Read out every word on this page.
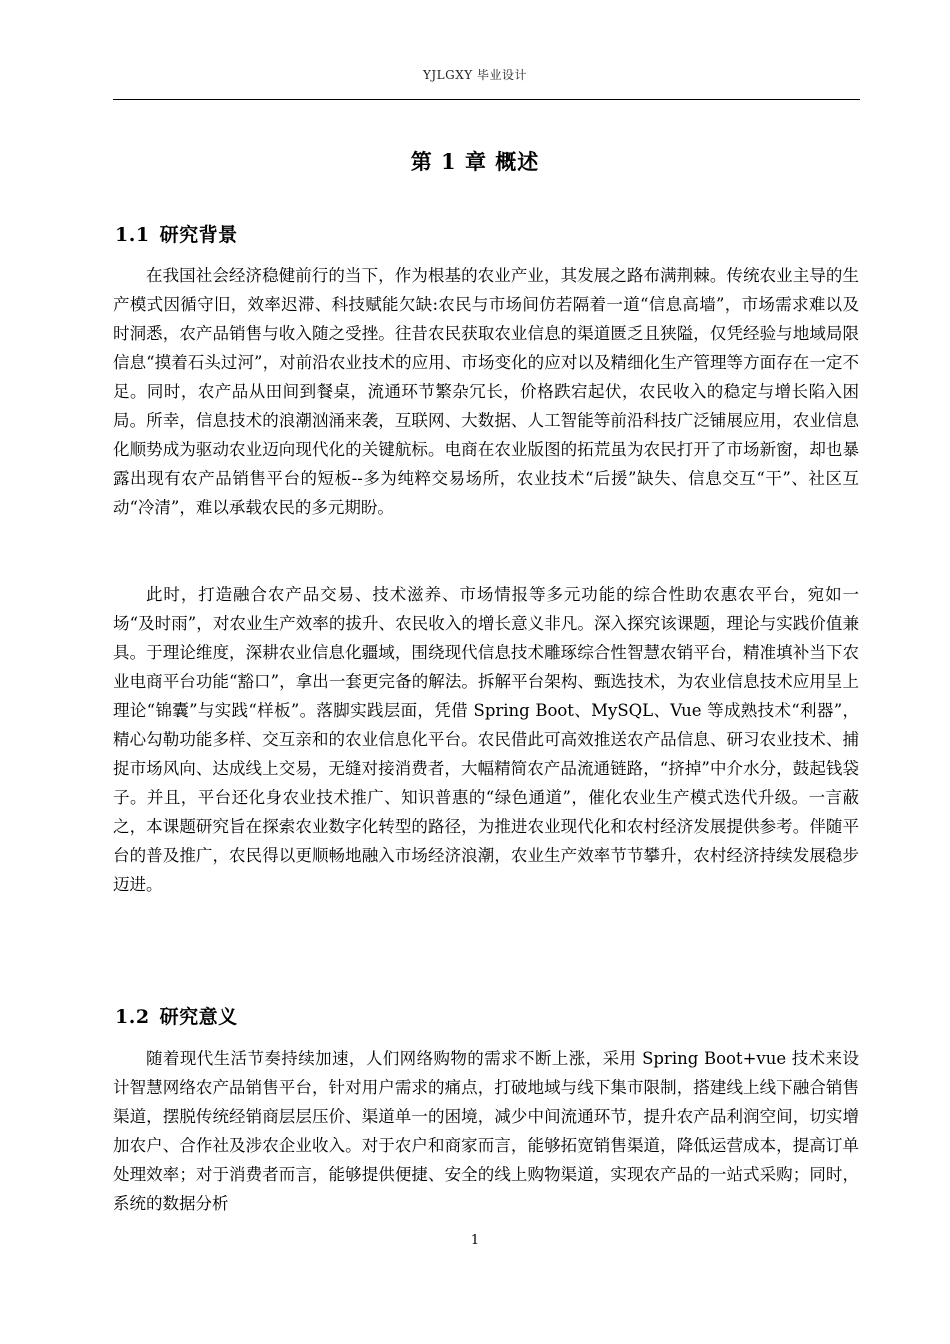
YJLGXY 毕业设计
第 1 章 概述
1.1 研究背景

在我国社会经济稳健前行的当下，作为根基的农业产业，其发展之路布满荆棘。传统农业主导的生产模式因循守旧，效率迟滞、科技赋能欠缺:农民与市场间仿若隔着一道“信息高墙”，市场需求难以及时洞悉，农产品销售与收入随之受挫。往昔农民获取农业信息的渠道匮乏且狭隘，仅凭经验与地域局限信息“摸着石头过河”，对前沿农业技术的应用、市场变化的应对以及精细化生产管理等方面存在一定不足。同时，农产品从田间到餐桌，流通环节繁杂冗长，价格跌宕起伏，农民收入的稳定与增长陷入困局。所幸，信息技术的浪潮汹涌来袭，互联网、大数据、人工智能等前沿科技广泛铺展应用，农业信息化顺势成为驱动农业迈向现代化的关键航标。电商在农业版图的拓荒虽为农民打开了市场新窗，却也暴露出现有农产品销售平台的短板--多为纯粹交易场所，农业技术“后援”缺失、信息交互“干”、社区互动“冷清”，难以承载农民的多元期盼。

此时，打造融合农产品交易、技术滋养、市场情报等多元功能的综合性助农惠农平台，宛如一场“及时雨”，对农业生产效率的拔升、农民收入的增长意义非凡。深入探究该课题，理论与实践价值兼具。于理论维度，深耕农业信息化疆域，围绕现代信息技术雕琢综合性智慧农销平台，精准填补当下农业电商平台功能“豁口”，拿出一套更完备的解法。拆解平台架构、甄选技术，为农业信息技术应用呈上理论“锦囊”与实践“样板”。落脚实践层面，凭借 Spring Boot、MySQL、Vue 等成熟技术“利器”，精心勾勒功能多样、交互亲和的农业信息化平台。农民借此可高效推送农产品信息、研习农业技术、捕捉市场风向、达成线上交易，无缝对接消费者，大幅精简农产品流通链路，“挤掉”中介水分，鼓起钱袋子。并且，平台还化身农业技术推广、知识普惠的“绿色通道”，催化农业生产模式迭代升级。一言蔽之，本课题研究旨在探索农业数字化转型的路径，为推进农业现代化和农村经济发展提供参考。伴随平台的普及推广，农民得以更顺畅地融入市场经济浪潮，农业生产效率节节攀升，农村经济持续发展稳步迈进。

1.2 研究意义

随着现代生活节奏持续加速，人们网络购物的需求不断上涨，采用 Spring Boot+vue 技术来设计智慧网络农产品销售平台，针对用户需求的痛点，打破地域与线下集市限制，搭建线上线下融合销售渠道，摆脱传统经销商层层压价、渠道单一的困境，减少中间流通环节，提升农产品利润空间，切实增加农户、合作社及涉农企业收入。对于农户和商家而言，能够拓宽销售渠道，降低运营成本，提高订单处理效率；对于消费者而言，能够提供便捷、安全的线上购物渠道，实现农产品的一站式采购；同时，系统的数据分析

1
